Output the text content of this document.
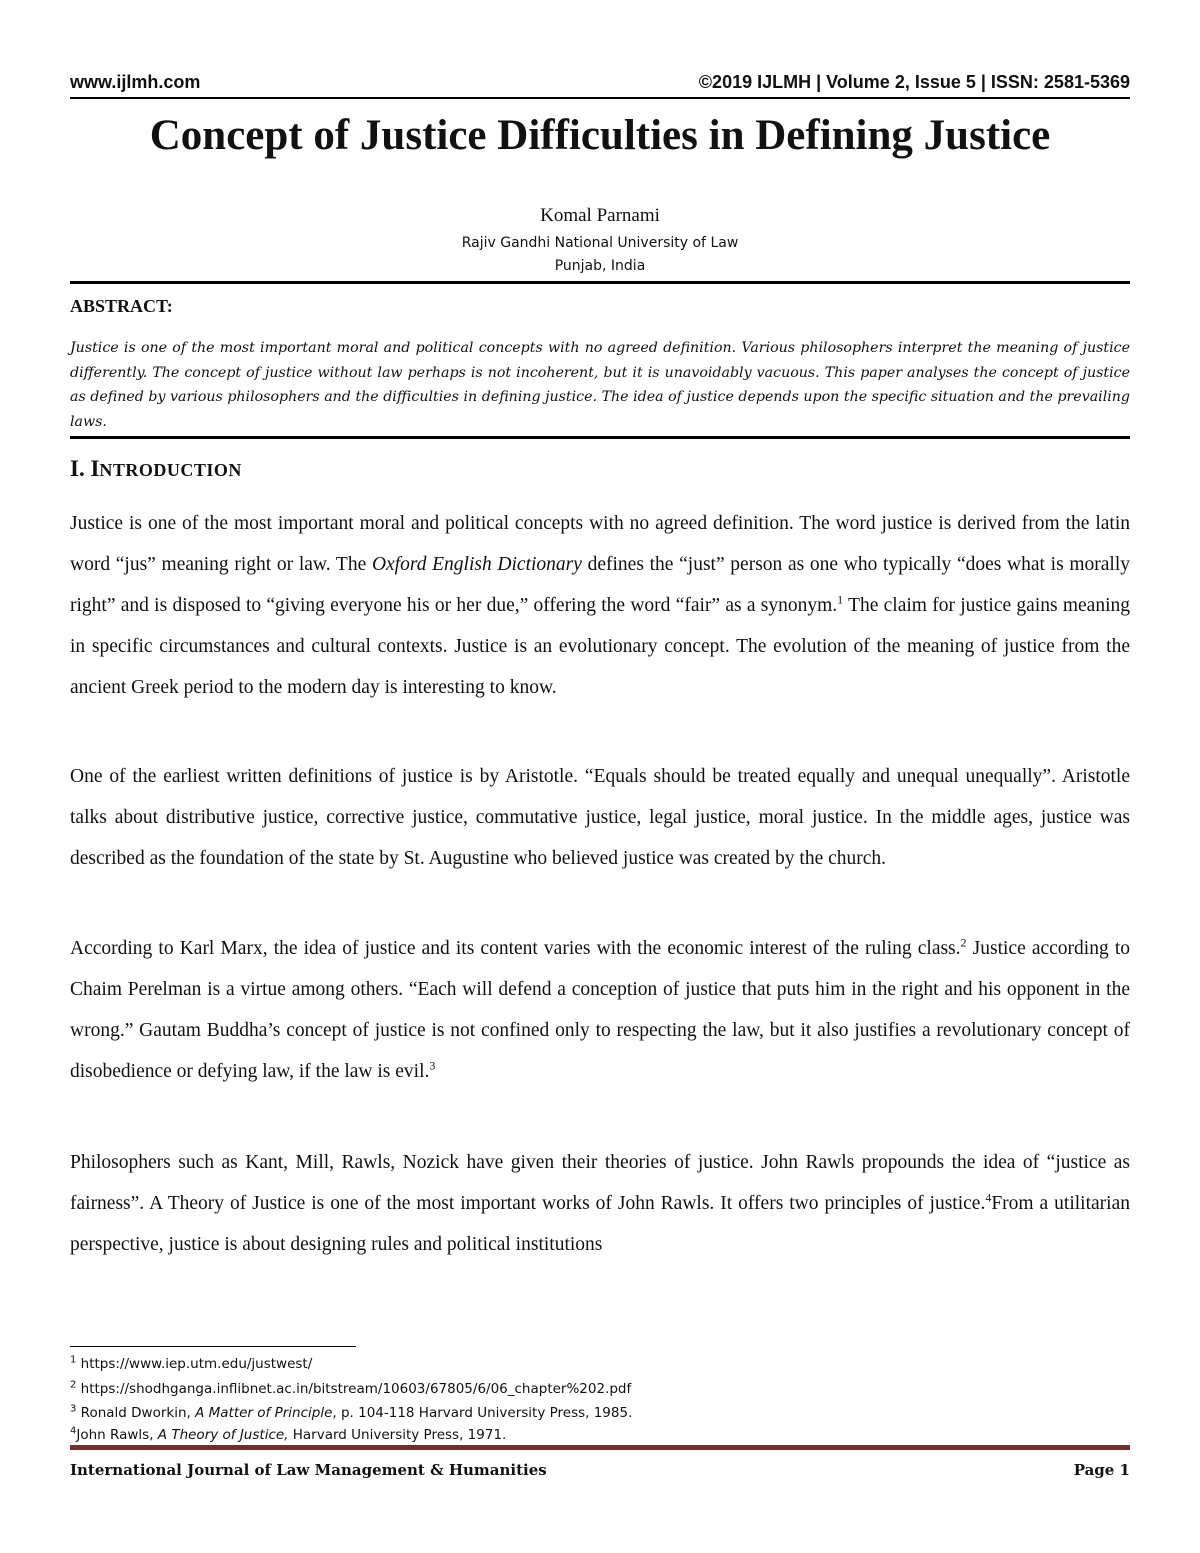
www.ijlmh.com	©2019 IJLMH | Volume 2, Issue 5 | ISSN: 2581-5369
Concept of Justice Difficulties in Defining Justice
Komal Parnami
Rajiv Gandhi National University of Law
Punjab, India
ABSTRACT:
Justice is one of the most important moral and political concepts with no agreed definition. Various philosophers interpret the meaning of justice differently. The concept of justice without law perhaps is not incoherent, but it is unavoidably vacuous. This paper analyses the concept of justice as defined by various philosophers and the difficulties in defining justice. The idea of justice depends upon the specific situation and the prevailing laws.
I. INTRODUCTION
Justice is one of the most important moral and political concepts with no agreed definition. The word justice is derived from the latin word “jus” meaning right or law. The Oxford English Dictionary defines the “just” person as one who typically “does what is morally right” and is disposed to “giving everyone his or her due,” offering the word “fair” as a synonym.$^1$ The claim for justice gains meaning in specific circumstances and cultural contexts. Justice is an evolutionary concept. The evolution of the meaning of justice from the ancient Greek period to the modern day is interesting to know.
One of the earliest written definitions of justice is by Aristotle. “Equals should be treated equally and unequal unequally”. Aristotle talks about distributive justice, corrective justice, commutative justice, legal justice, moral justice. In the middle ages, justice was described as the foundation of the state by St. Augustine who believed justice was created by the church.
According to Karl Marx, the idea of justice and its content varies with the economic interest of the ruling class.$^2$ Justice according to Chaim Perelman is a virtue among others. “Each will defend a conception of justice that puts him in the right and his opponent in the wrong.” Gautam Buddha’s concept of justice is not confined only to respecting the law, but it also justifies a revolutionary concept of disobedience or defying law, if the law is evil.$^3$
Philosophers such as Kant, Mill, Rawls, Nozick have given their theories of justice. John Rawls propounds the idea of “justice as fairness”. A Theory of Justice is one of the most important works of John Rawls. It offers two principles of justice.$^4$From a utilitarian perspective, justice is about designing rules and political institutions
$^1$ https://www.iep.utm.edu/justwest/
$^2$ https://shodhganga.inflibnet.ac.in/bitstream/10603/67805/6/06_chapter%202.pdf
$^3$ Ronald Dworkin, A Matter of Principle, p. 104-118 Harvard University Press, 1985.
$^4$John Rawls, A Theory of Justice, Harvard University Press, 1971.
International Journal of Law Management & Humanities	Page 1
